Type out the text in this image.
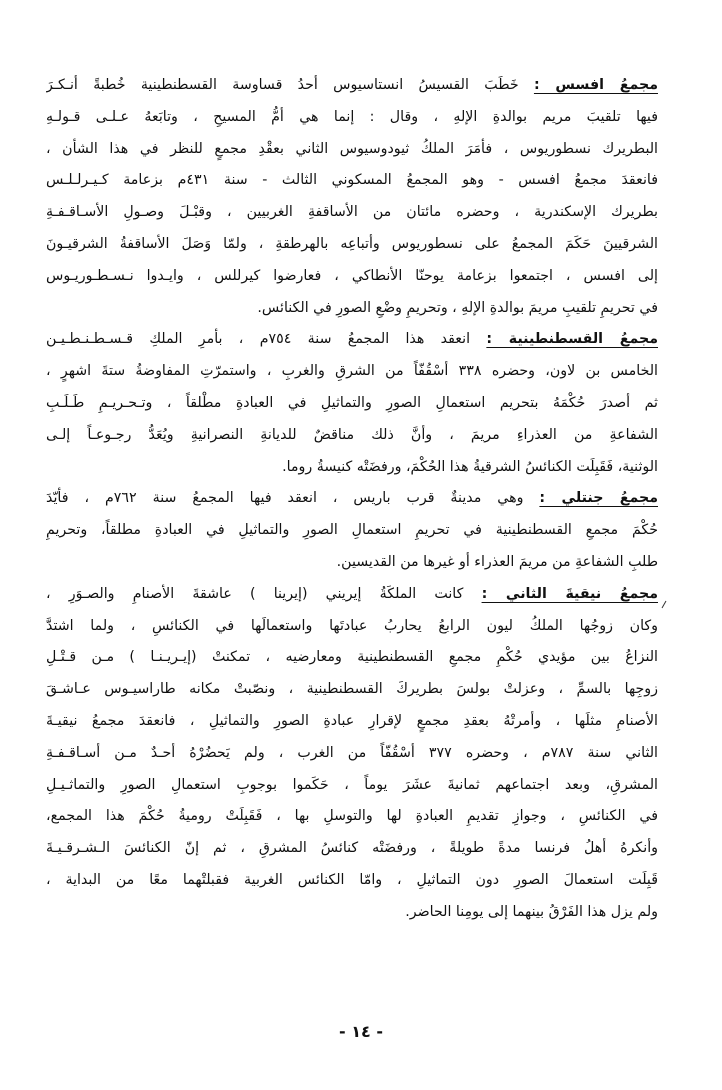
مجمعُ افسس : خَطَبَ القسيسُ انستاسيوس أحدُ قساوسة القسطنطينية خُطبةً أنـكـرَ
فيها تلقيبَ مريم بوالدةِ الإلهِ ، وقال : إنما هي أمُّ المسيحِ ، وتابَعهُ عـلـى قـولـهِ
البطريرك نسطوريوس ، فأمَرَ الملكُ ثيودوسيوس الثاني بعقْدِ مجمعٍ للنظر في هذا الشأن ،
فانعقدَ مجمعُ افسس - وهو المجمعُ المسكوني الثالث - سنة ٤٣١م بزعامة كـيـرلـلـس
بطريرك الإسكندرية ، وحضره مائتان من الأساقفةِ الغربيين ، وقبْـلَ وصـولِ الأسـاقـفـةِ
الشرقيينَ حَكَمَ المجمعُ على نسطوريوس وأتباعِه بالهرطقةِ ، ولمّا وَصَلَ الأساقفةُ الشرقيـونَ
إلى افسس ، اجتمعوا بزعامة يوحنّا الأنطاكي ، فعارضوا كيرللس ، وايـدوا نـسـطـوريـوس
في تحريمِ تلقيبِ مريمَ بوالدةِ الإلهِ ، وتحريمِ وضْعِ الصورِ في الكنائس.
مجمعُ القسطنطينية : انعقد هذا المجمعُ سنة ٧٥٤م ، بأمرِ الملكِ قـسـطـنـطـيـن
الخامس بن لاون، وحضره ٣٣٨ أسْقُفّاً من الشرقِ والغربِ ، واستمرّتِ المفاوضةُ ستةَ اشهرٍ ،
ثم أصدرَ حُكْمَهُ بتحريم استعمالِ الصورِ والتماثيلِ في العبادةِ مطْلقاً ، وتـحـريـمِ طَـلَـبِ
الشفاعةِ من العذراءِ مريمَ ، وأنَّ ذلك مناقضٌ للديانةِ النصرانيةِ ويُعَدُّ رجـوعـاً إلـى
الوثنية، فَقَبِلَت الكنائسُ الشرقيةُ هذا الحُكْمَ، ورفضَتْه كنيسةُ روما.
مجمعُ جنتلي : وهي مدينةٌ قرب باريس ، انعقد فيها المجمعُ سنة ٧٦٢م ، فأيّدَ
حُكْمَ مجمعِ القسطنطينية في تحريمِ استعمالِ الصورِ والتماثيلِ في العبادةِ مطلقاً، وتحريمِ
طلبِ الشفاعةِ من مريمَ العذراء أو غيرها من القديسين.
مجمعُ نيقيةَ الثاني : كانت الملكَةُ إيريني (إيرينا ) عاشقةَ الأصنامِ والصـوَرِ ،
وكان زوجُها الملكُ ليون الرابعُ يحاربُ عبادتَها واستعمالَها في الكنائسِ ، ولما اشتدَّ
النزاعُ بين مؤيدي حُكْمِ مجمعِ القسطنطينية ومعارضيه ، تمكنتْ (إيـريـنـا ) مـن قـتْـلِ
زوجِها بالسمِّ ، وعزلتْ بولسَ بطريركَ القسطنطينية ، ونصّبتْ مكانه طاراسيـوس عـاشـقَ
الأصنامِ مثلَها ، وأمرتْهُ بعقدِ مجمعٍ لإقرارِ عبادةِ الصورِ والتماثيلِ ، فانعقدَ مجمعُ نيقيـةَ
الثاني سنة ٧٨٧م ، وحضره ٣٧٧ أسْقُفّاً من الغرب ، ولم يَحضُرْهُ أحـدٌ مـن أسـاقـفـةِ
المشرقِ، وبعد اجتماعهم ثمانيةَ عشَرَ يوماً ، حَكَموا بوجوبِ استعمالِ الصورِ والتماثـيـلِ
في الكنائسِ ، وجوازِ تقديمِ العبادةِ لها والتوسلِ بها ، فَقَبِلَتْ روميةُ حُكْمَ هذا المجمع،
وأنكرهُ أهلُ فرنسا مدةً طويلةً ، ورفضَتْه كنائسُ المشرقِ ، ثم إنّ الكنائسَ الـشـرقـيـةَ
قَبِلَت استعمالَ الصورِ دون التماثيلِ ، وامّا الكنائس الغربية فقبلتْهما معًا من البداية ،
ولم يزل هذا الفَرْقُ بينهما إلى يومِنا الحاضر.
- ١٤ -
